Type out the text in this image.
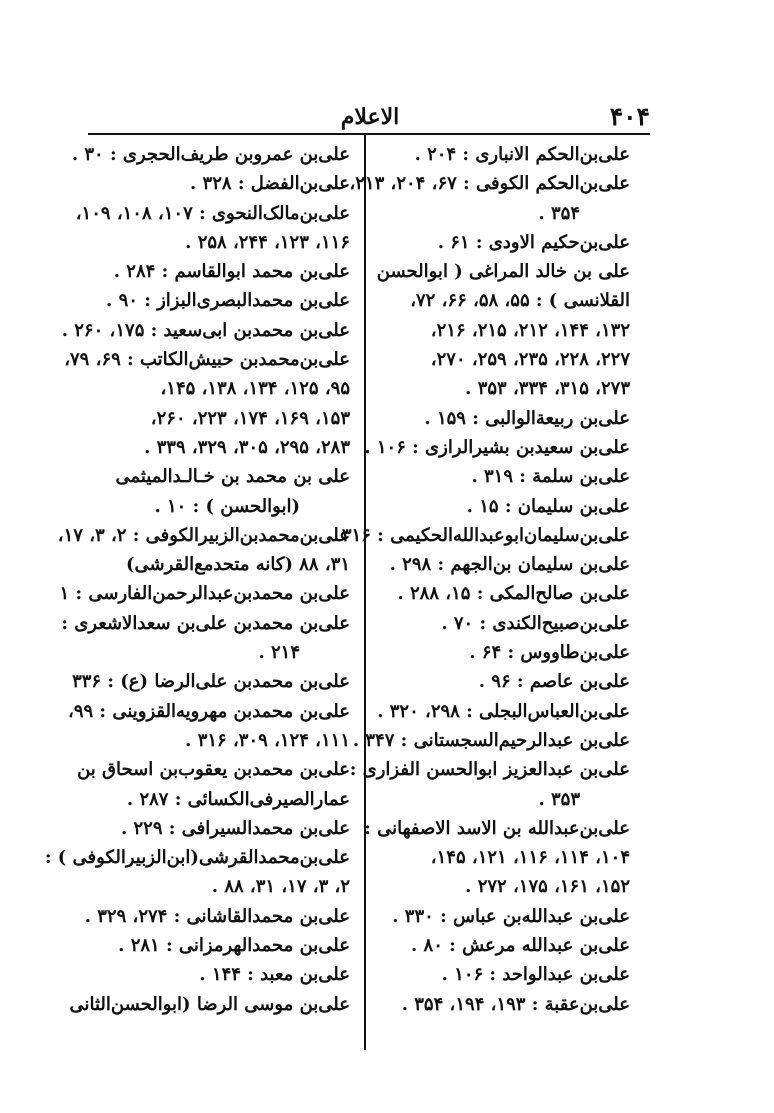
۴۰۴
الاعلام
علی‌بن‌الحکم الانباری : ۲۰۴ .
علی‌بن‌الحکم الکوفی : ۶۷، ۲۰۴، ۲۱۳،
۳۵۴ .
علی‌بن‌حکیم الاودی : ۶۱ .
علی بن خالد المراغی ( ابوالحسن
القلانسی ) : ۵۵، ۵۸، ۶۶، ۷۲،
۱۳۲، ۱۴۴، ۲۱۲، ۲۱۵، ۲۱۶،
۲۲۷، ۲۲۸، ۲۳۵، ۲۵۹، ۲۷۰،
۲۷۳، ۳۱۵، ۳۳۴، ۳۵۳ .
علی‌بن ربیعة‌الوالبی : ۱۵۹ .
علی‌بن سعیدبن بشیرالرازی : ۱۰۶ .
علی‌بن سلمة : ۳۱۹ .
علی‌بن سلیمان : ۱۵ .
علی‌بن‌سلیمان‌ابوعبدالله‌الحکیمی : ۳۱۶
علی‌بن سلیمان بن‌الجهم : ۲۹۸ .
علی‌بن صالح‌المکی : ۱۵، ۲۸۸ .
علی‌بن‌صبیح‌الکندی : ۷۰ .
علی‌بن‌طاووس : ۶۴ .
علی‌بن عاصم : ۹۶ .
علی‌بن‌العباس‌البجلی : ۲۹۸، ۳۲۰ .
علی‌بن عبدالرحیم‌السجستانی : ۳۴۷ .
علی‌بن عبدالعزیز ابوالحسن الفزاری :
۳۵۳ .
علی‌بن‌عبدالله بن الاسد الاصفهانی :
۱۰۴، ۱۱۴، ۱۱۶، ۱۲۱، ۱۴۵،
۱۵۲، ۱۶۱، ۱۷۵، ۲۷۲ .
علی‌بن عبدالله‌بن عباس : ۳۳۰ .
علی‌بن عبدالله مرعش : ۸۰ .
علی‌بن عبدالواحد : ۱۰۶ .
علی‌بن‌عقبة : ۱۹۳، ۱۹۴، ۳۵۴ .
علی‌بن عمروبن طریف‌الحجری : ۳۰ .
علی‌بن‌الفضل : ۳۲۸ .
علی‌بن‌مالک‌النحوی : ۱۰۷، ۱۰۸، ۱۰۹،
۱۱۶، ۱۲۳، ۲۴۴، ۲۵۸ .
علی‌بن محمد ابوالقاسم : ۲۸۴ .
علی‌بن محمدالبصری‌البزاز : ۹۰ .
علی‌بن محمدبن ابی‌سعید : ۱۷۵، ۲۶۰ .
علی‌بن‌محمدبن حبیش‌الکاتب : ۶۹، ۷۹،
۹۵، ۱۲۵، ۱۳۴، ۱۳۸، ۱۴۵،
۱۵۳، ۱۶۹، ۱۷۴، ۲۲۳، ۲۶۰،
۲۸۳، ۲۹۵، ۳۰۵، ۳۲۹، ۳۳۹ .
علی بن محمد بن خـالـدالمیثمی
(ابوالحسن ) : ۱۰ .
علی‌بن‌محمدبن‌الزبیرالکوفی : ۲، ۳، ۱۷،
۳۱، ۸۸ (کانه متحدمع‌القرشی)
علی‌بن محمدبن‌عبدالرحمن‌الفارسی : ۱
علی‌بن محمدبن علی‌بن سعدالاشعری :
۲۱۴ .
علی‌بن محمدبن علی‌الرضا (ع) : ۳۳۶
علی‌بن محمدبن مهرویه‌القزوینی : ۹۹،
۱۱۱، ۱۲۴، ۳۰۹، ۳۱۶ .
علی‌بن محمدبن یعقوب‌بن اسحاق بن
عمارالصیرفی‌الکسائی : ۲۸۷ .
علی‌بن محمدالسیرافی : ۲۲۹ .
علی‌بن‌محمدالقرشی(ابن‌الزبیرالکوفی ) :
۲، ۳، ۱۷، ۳۱، ۸۸ .
علی‌بن محمدالقاشانی : ۲۷۴، ۳۲۹ .
علی‌بن محمدالهرمزانی : ۲۸۱ .
علی‌بن معبد : ۱۴۴ .
علی‌بن موسی الرضا (ابوالحسن‌الثانی
